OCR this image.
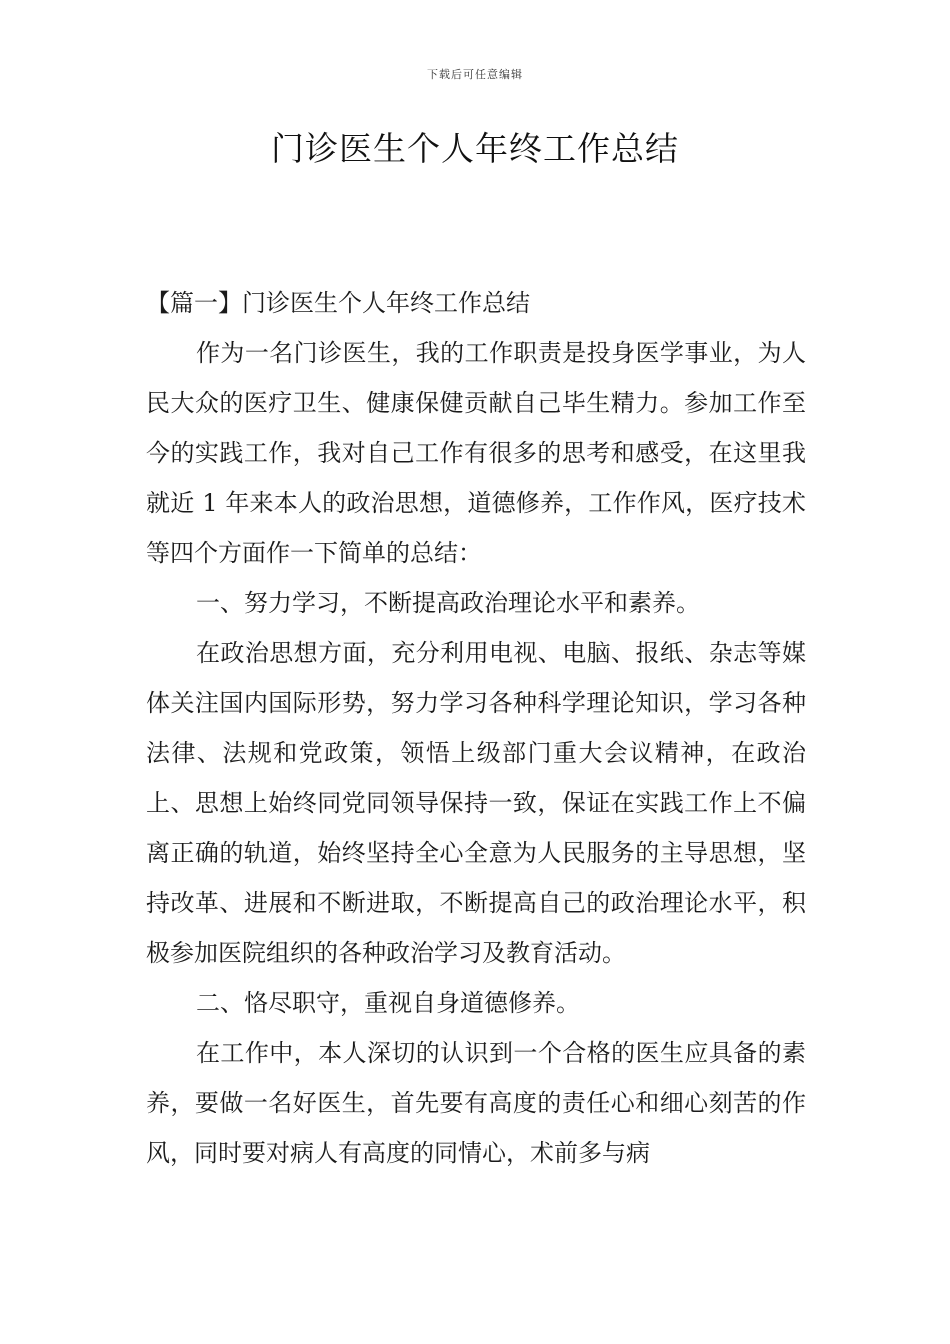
下载后可任意编辑
门诊医生个人年终工作总结

【篇一】门诊医生个人年终工作总结

作为一名门诊医生，我的工作职责是投身医学事业，为人民大众的医疗卫生、健康保健贡献自己毕生精力。参加工作至今的实践工作，我对自己工作有很多的思考和感受，在这里我就近 1 年来本人的政治思想，道德修养，工作作风，医疗技术等四个方面作一下简单的总结：

一、努力学习，不断提高政治理论水平和素养。

在政治思想方面，充分利用电视、电脑、报纸、杂志等媒体关注国内国际形势，努力学习各种科学理论知识，学习各种法律、法规和党政策，领悟上级部门重大会议精神，在政治上、思想上始终同党同领导保持一致，保证在实践工作上不偏离正确的轨道，始终坚持全心全意为人民服务的主导思想，坚持改革、进展和不断进取，不断提高自己的政治理论水平，积极参加医院组织的各种政治学习及教育活动。

二、恪尽职守，重视自身道德修养。

在工作中，本人深切的认识到一个合格的医生应具备的素养，要做一名好医生，首先要有高度的责任心和细心刻苦的作风，同时要对病人有高度的同情心，术前多与病
